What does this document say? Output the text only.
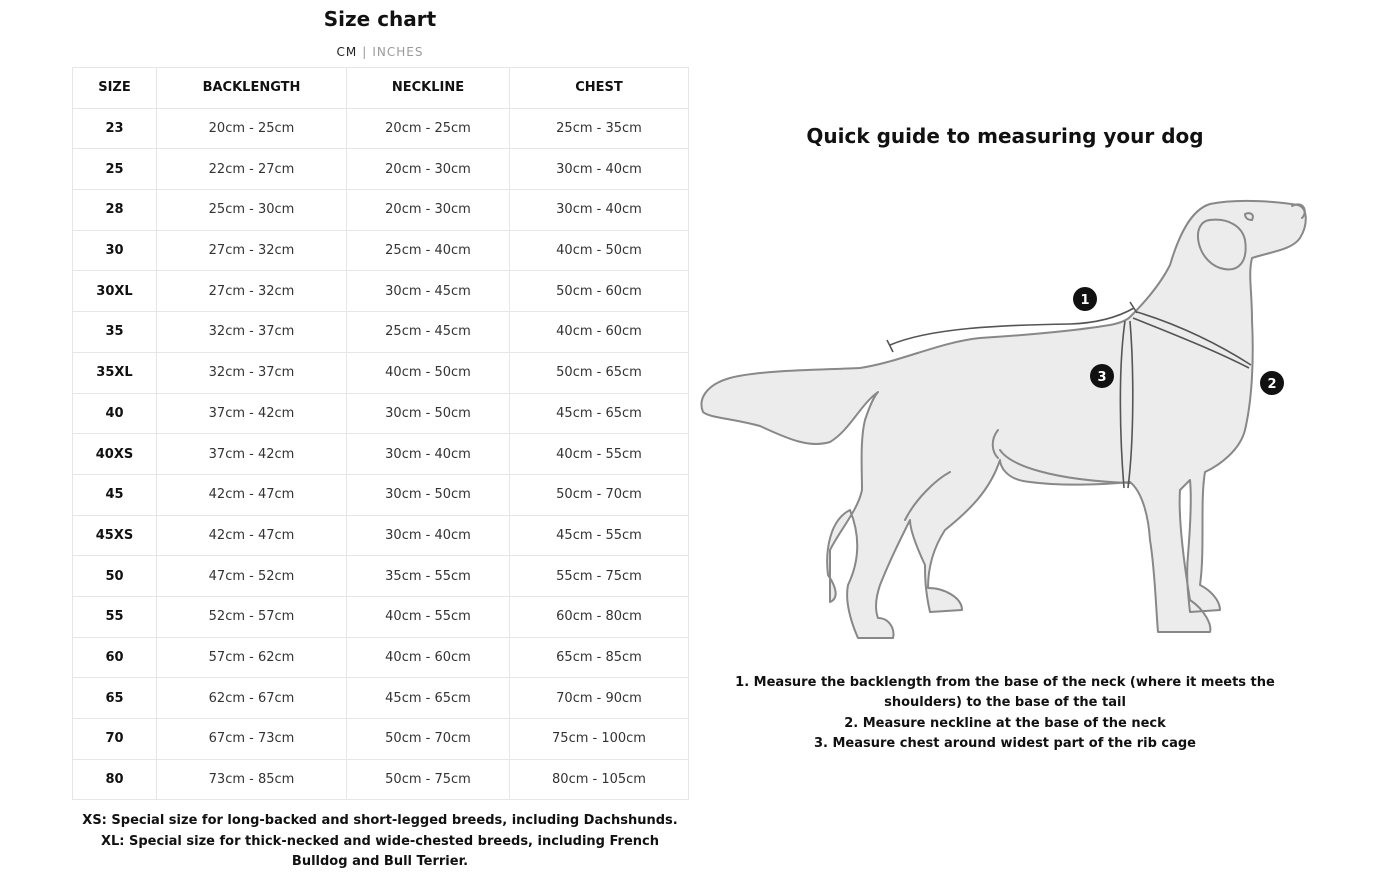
Size chart
CM | INCHES
SIZE	BACKLENGTH	NECKLINE	CHEST
23	20cm - 25cm	20cm - 25cm	25cm - 35cm
25	22cm - 27cm	20cm - 30cm	30cm - 40cm
28	25cm - 30cm	20cm - 30cm	30cm - 40cm
30	27cm - 32cm	25cm - 40cm	40cm - 50cm
30XL	27cm - 32cm	30cm - 45cm	50cm - 60cm
35	32cm - 37cm	25cm - 45cm	40cm - 60cm
35XL	32cm - 37cm	40cm - 50cm	50cm - 65cm
40	37cm - 42cm	30cm - 50cm	45cm - 65cm
40XS	37cm - 42cm	30cm - 40cm	40cm - 55cm
45	42cm - 47cm	30cm - 50cm	50cm - 70cm
45XS	42cm - 47cm	30cm - 40cm	45cm - 55cm
50	47cm - 52cm	35cm - 55cm	55cm - 75cm
55	52cm - 57cm	40cm - 55cm	60cm - 80cm
60	57cm - 62cm	40cm - 60cm	65cm - 85cm
65	62cm - 67cm	45cm - 65cm	70cm - 90cm
70	67cm - 73cm	50cm - 70cm	75cm - 100cm
80	73cm - 85cm	50cm - 75cm	80cm - 105cm
XS: Special size for long-backed and short-legged breeds, including Dachshunds.
XL: Special size for thick-necked and wide-chested breeds, including French Bulldog and Bull Terrier.
Quick guide to measuring your dog
1
2
3
1. Measure the backlength from the base of the neck (where it meets the shoulders) to the base of the tail
2. Measure neckline at the base of the neck
3. Measure chest around widest part of the rib cage
